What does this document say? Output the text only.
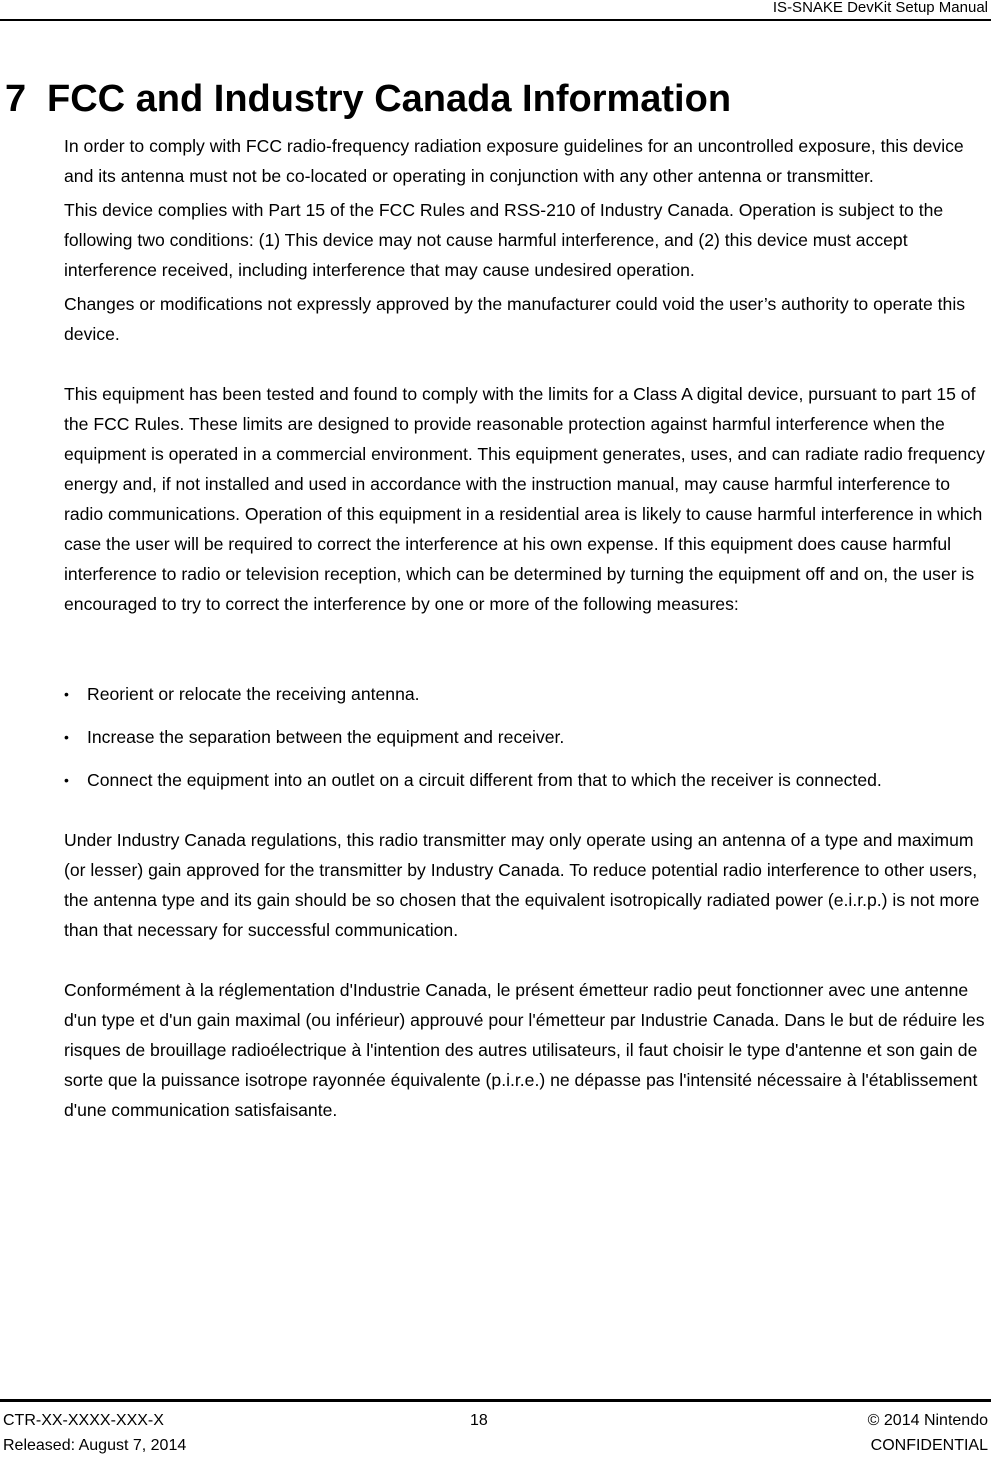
IS-SNAKE DevKit Setup Manual
7 FCC and Industry Canada Information

In order to comply with FCC radio-frequency radiation exposure guidelines for an uncontrolled exposure, this device and its antenna must not be co-located or operating in conjunction with any other antenna or transmitter.

This device complies with Part 15 of the FCC Rules and RSS-210 of Industry Canada. Operation is subject to the following two conditions: (1) This device may not cause harmful interference, and (2) this device must accept interference received, including interference that may cause undesired operation.

Changes or modifications not expressly approved by the manufacturer could void the user’s authority to operate this device.

This equipment has been tested and found to comply with the limits for a Class A digital device, pursuant to part 15 of the FCC Rules. These limits are designed to provide reasonable protection against harmful interference when the equipment is operated in a commercial environment. This equipment generates, uses, and can radiate radio frequency energy and, if not installed and used in accordance with the instruction manual, may cause harmful interference to radio communications. Operation of this equipment in a residential area is likely to cause harmful interference in which case the user will be required to correct the interference at his own expense. If this equipment does cause harmful interference to radio or television reception, which can be determined by turning the equipment off and on, the user is encouraged to try to correct the interference by one or more of the following measures:

• Reorient or relocate the receiving antenna.
• Increase the separation between the equipment and receiver.
• Connect the equipment into an outlet on a circuit different from that to which the receiver is connected.

Under Industry Canada regulations, this radio transmitter may only operate using an antenna of a type and maximum (or lesser) gain approved for the transmitter by Industry Canada. To reduce potential radio interference to other users, the antenna type and its gain should be so chosen that the equivalent isotropically radiated power (e.i.r.p.) is not more than that necessary for successful communication.

Conformément à la réglementation d'Industrie Canada, le présent émetteur radio peut fonctionner avec une antenne d'un type et d'un gain maximal (ou inférieur) approuvé pour l'émetteur par Industrie Canada. Dans le but de réduire les risques de brouillage radioélectrique à l'intention des autres utilisateurs, il faut choisir le type d'antenne et son gain de sorte que la puissance isotrope rayonnée équivalente (p.i.r.e.) ne dépasse pas l'intensité nécessaire à l'établissement d'une communication satisfaisante.

CTR-XX-XXXX-XXX-X	18	© 2014 Nintendo
Released: August 7, 2014	CONFIDENTIAL
